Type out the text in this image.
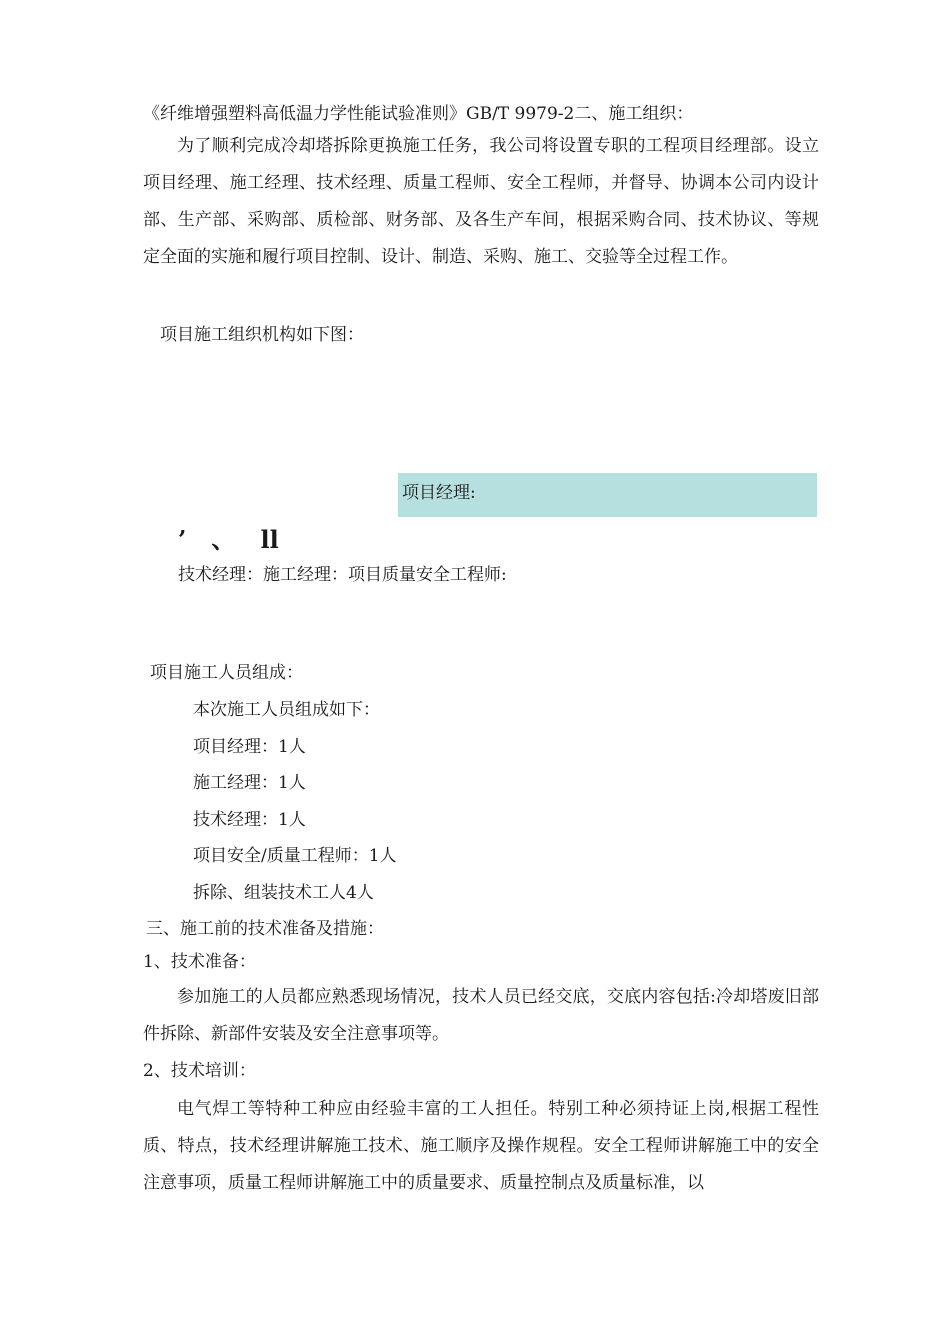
《纤维增强塑料高低温力学性能试验准则》GB/T 9979-2二、施工组织：
为了顺利完成冷却塔拆除更换施工任务，我公司将设置专职的工程项目经理部。设立项目经理、施工经理、技术经理、质量工程师、安全工程师，并督导、协调本公司内设计部、生产部、采购部、质检部、财务部、及各生产车间，根据采购合同、技术协议、等规定全面的实施和履行项目控制、设计、制造、采购、施工、交验等全过程工作。
项目施工组织机构如下图：
项目经理:
’   、   ll
技术经理：施工经理：项目质量安全工程师:
项目施工人员组成：
本次施工人员组成如下：
项目经理：1人
施工经理：1人
技术经理：1人
项目安全/质量工程师：1人
拆除、组装技术工人4人
三、施工前的技术准备及措施：
1、技术准备：
参加施工的人员都应熟悉现场情况，技术人员已经交底，交底内容包括:冷却塔废旧部件拆除、新部件安装及安全注意事项等。
2、技术培训：
电气焊工等特种工种应由经验丰富的工人担任。特别工种必须持证上岗,根据工程性质、特点，技术经理讲解施工技术、施工顺序及操作规程。安全工程师讲解施工中的安全注意事项，质量工程师讲解施工中的质量要求、质量控制点及质量标准，以
